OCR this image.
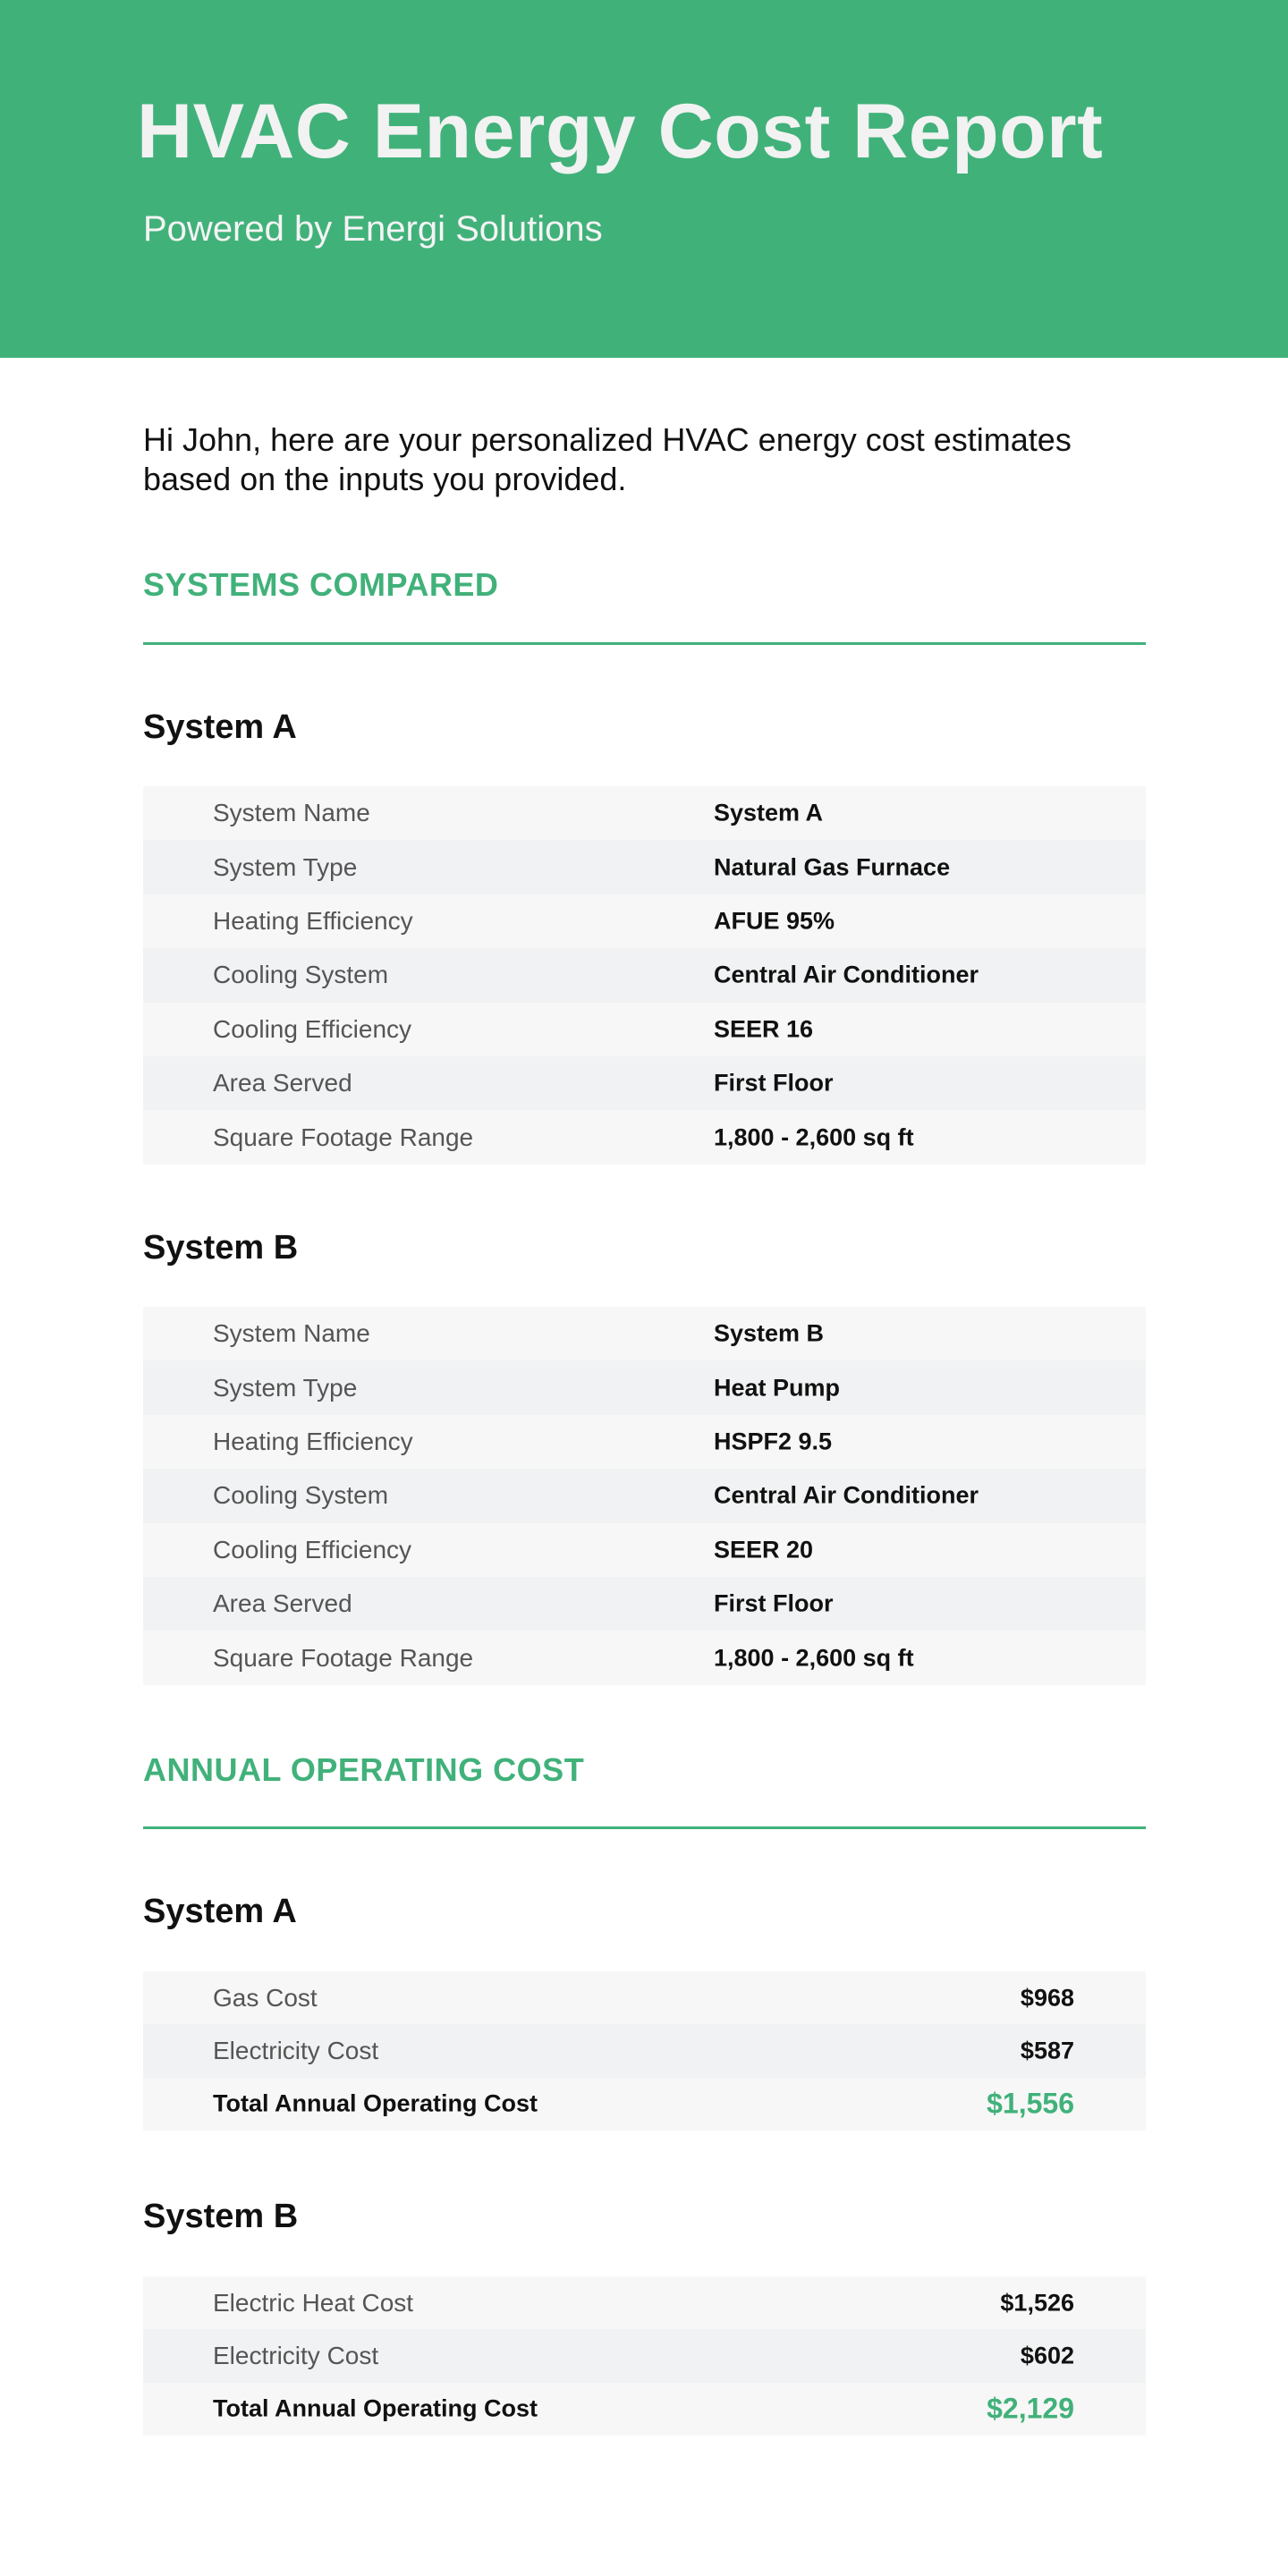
HVAC Energy Cost Report

Powered by Energi Solutions

Hi John, here are your personalized HVAC energy cost estimates based on the inputs you provided.

SYSTEMS COMPARED
System A
System Name	System A
System Type	Natural Gas Furnace
Heating Efficiency	AFUE 95%
Cooling System	Central Air Conditioner
Cooling Efficiency	SEER 16
Area Served	First Floor
Square Footage Range	1,800 - 2,600 sq ft
System B
System Name	System B
System Type	Heat Pump
Heating Efficiency	HSPF2 9.5
Cooling System	Central Air Conditioner
Cooling Efficiency	SEER 20
Area Served	First Floor
Square Footage Range	1,800 - 2,600 sq ft
ANNUAL OPERATING COST
System A
Gas Cost	$968
Electricity Cost	$587
Total Annual Operating Cost	$1,556
System B
Electric Heat Cost	$1,526
Electricity Cost	$602
Total Annual Operating Cost	$2,129
